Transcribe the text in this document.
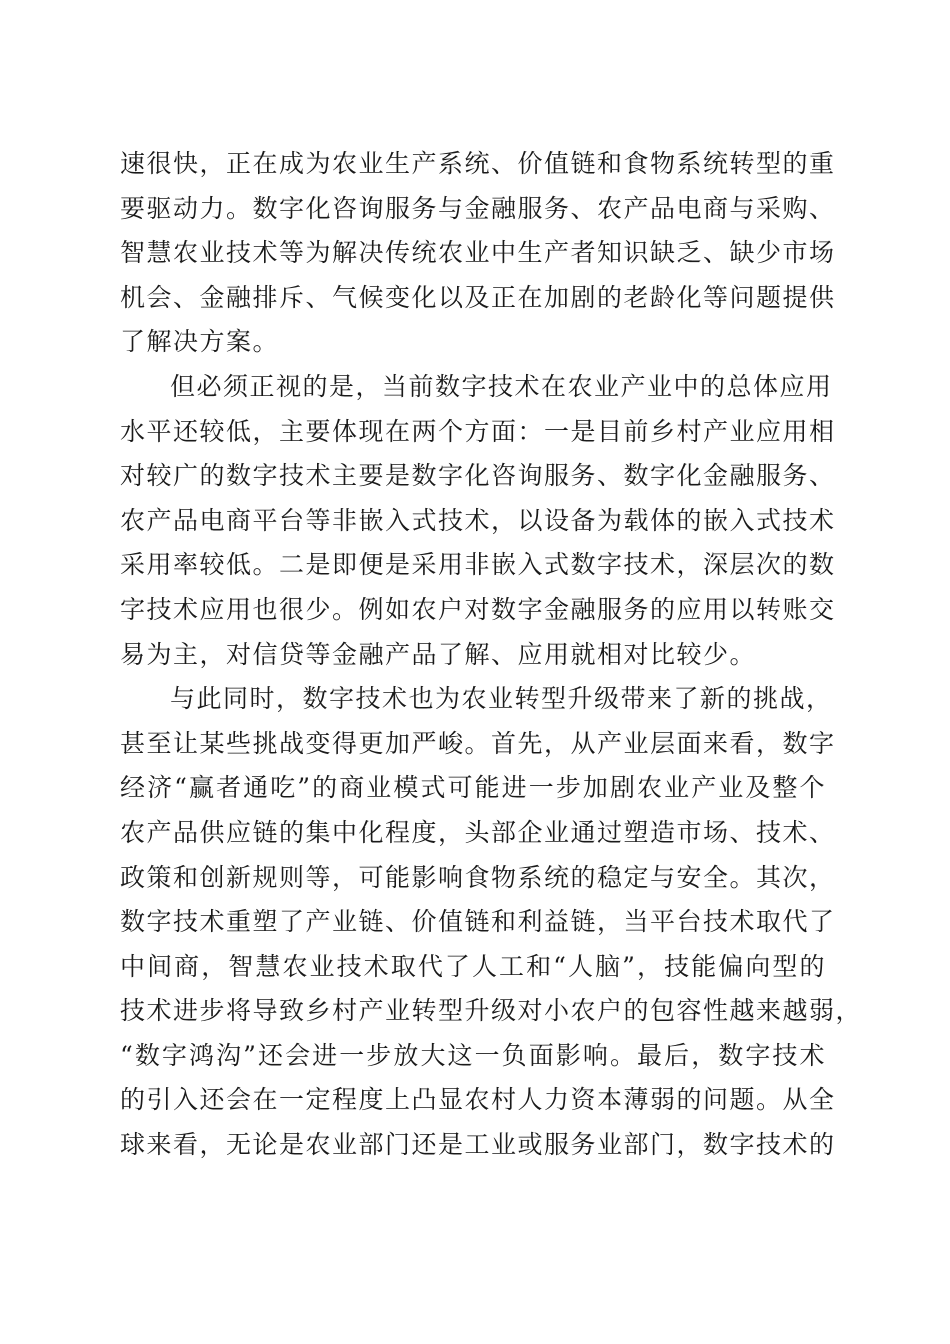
速很快，正在成为农业生产系统、价值链和食物系统转型的重
要驱动力。数字化咨询服务与金融服务、农产品电商与采购、
智慧农业技术等为解决传统农业中生产者知识缺乏、缺少市场
机会、金融排斥、气候变化以及正在加剧的老龄化等问题提供
了解决方案。
但必须正视的是，当前数字技术在农业产业中的总体应用
水平还较低，主要体现在两个方面：一是目前乡村产业应用相
对较广的数字技术主要是数字化咨询服务、数字化金融服务、
农产品电商平台等非嵌入式技术，以设备为载体的嵌入式技术
采用率较低。二是即便是采用非嵌入式数字技术，深层次的数
字技术应用也很少。例如农户对数字金融服务的应用以转账交
易为主，对信贷等金融产品了解、应用就相对比较少。
与此同时，数字技术也为农业转型升级带来了新的挑战，
甚至让某些挑战变得更加严峻。首先，从产业层面来看，数字
经济“赢者通吃”的商业模式可能进一步加剧农业产业及整个
农产品供应链的集中化程度，头部企业通过塑造市场、技术、
政策和创新规则等，可能影响食物系统的稳定与安全。其次，
数字技术重塑了产业链、价值链和利益链，当平台技术取代了
中间商，智慧农业技术取代了人工和“人脑”，技能偏向型的
技术进步将导致乡村产业转型升级对小农户的包容性越来越弱，
“数字鸿沟”还会进一步放大这一负面影响。最后，数字技术
的引入还会在一定程度上凸显农村人力资本薄弱的问题。从全
球来看，无论是农业部门还是工业或服务业部门，数字技术的
